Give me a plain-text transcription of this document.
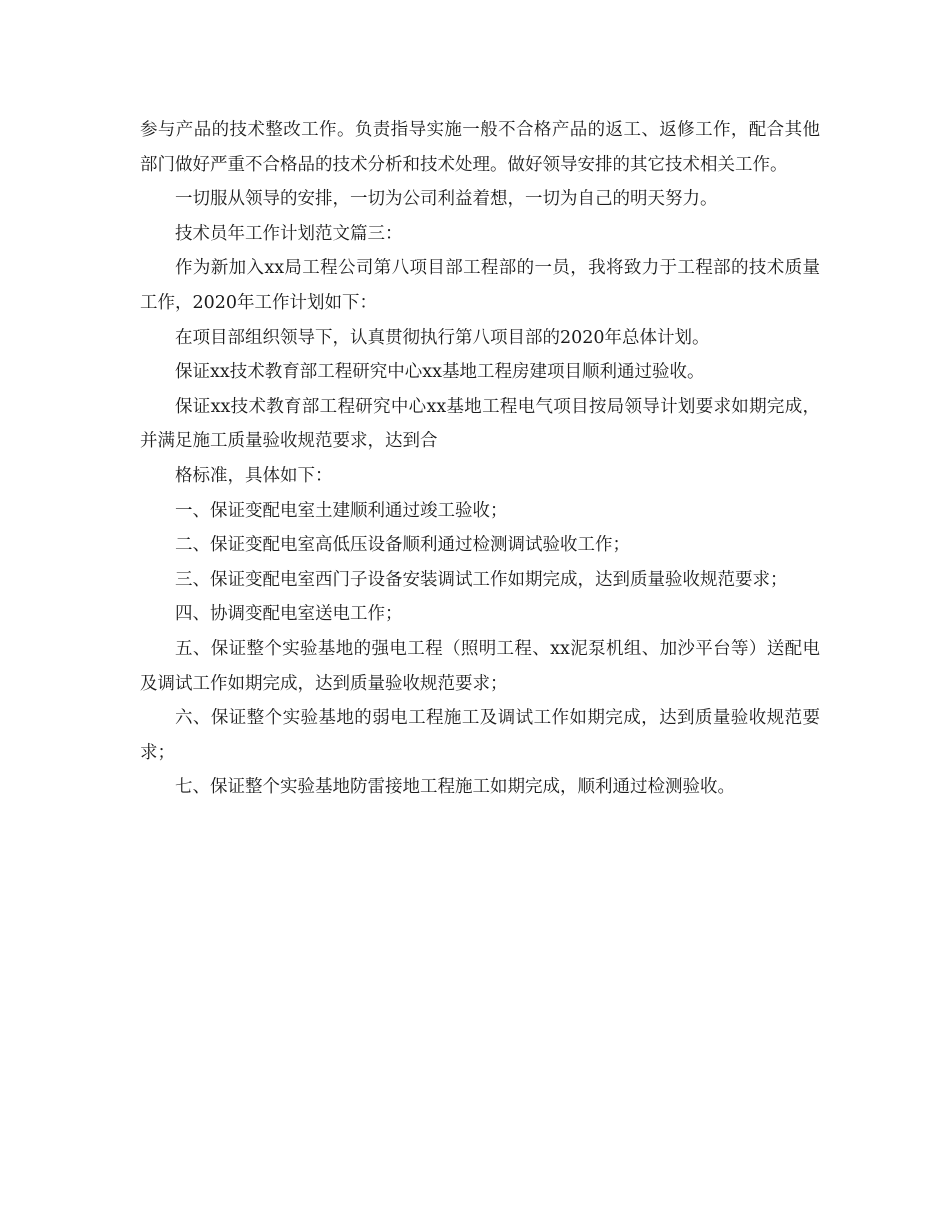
参与产品的技术整改工作。负责指导实施一般不合格产品的返工、返修工作，配合其他部门做好严重不合格品的技术分析和技术处理。做好领导安排的其它技术相关工作。

一切服从领导的安排，一切为公司利益着想，一切为自己的明天努力。

技术员年工作计划范文篇三：

作为新加入xx局工程公司第八项目部工程部的一员，我将致力于工程部的技术质量工作，2020年工作计划如下：

在项目部组织领导下，认真贯彻执行第八项目部的2020年总体计划。

保证xx技术教育部工程研究中心xx基地工程房建项目顺利通过验收。

保证xx技术教育部工程研究中心xx基地工程电气项目按局领导计划要求如期完成，并满足施工质量验收规范要求，达到合

格标准，具体如下：

一、保证变配电室土建顺利通过竣工验收；

二、保证变配电室高低压设备顺利通过检测调试验收工作；

三、保证变配电室西门子设备安装调试工作如期完成，达到质量验收规范要求；

四、协调变配电室送电工作；

五、保证整个实验基地的强电工程（照明工程、xx泥泵机组、加沙平台等）送配电及调试工作如期完成，达到质量验收规范要求；

六、保证整个实验基地的弱电工程施工及调试工作如期完成，达到质量验收规范要求；

七、保证整个实验基地防雷接地工程施工如期完成，顺利通过检测验收。
